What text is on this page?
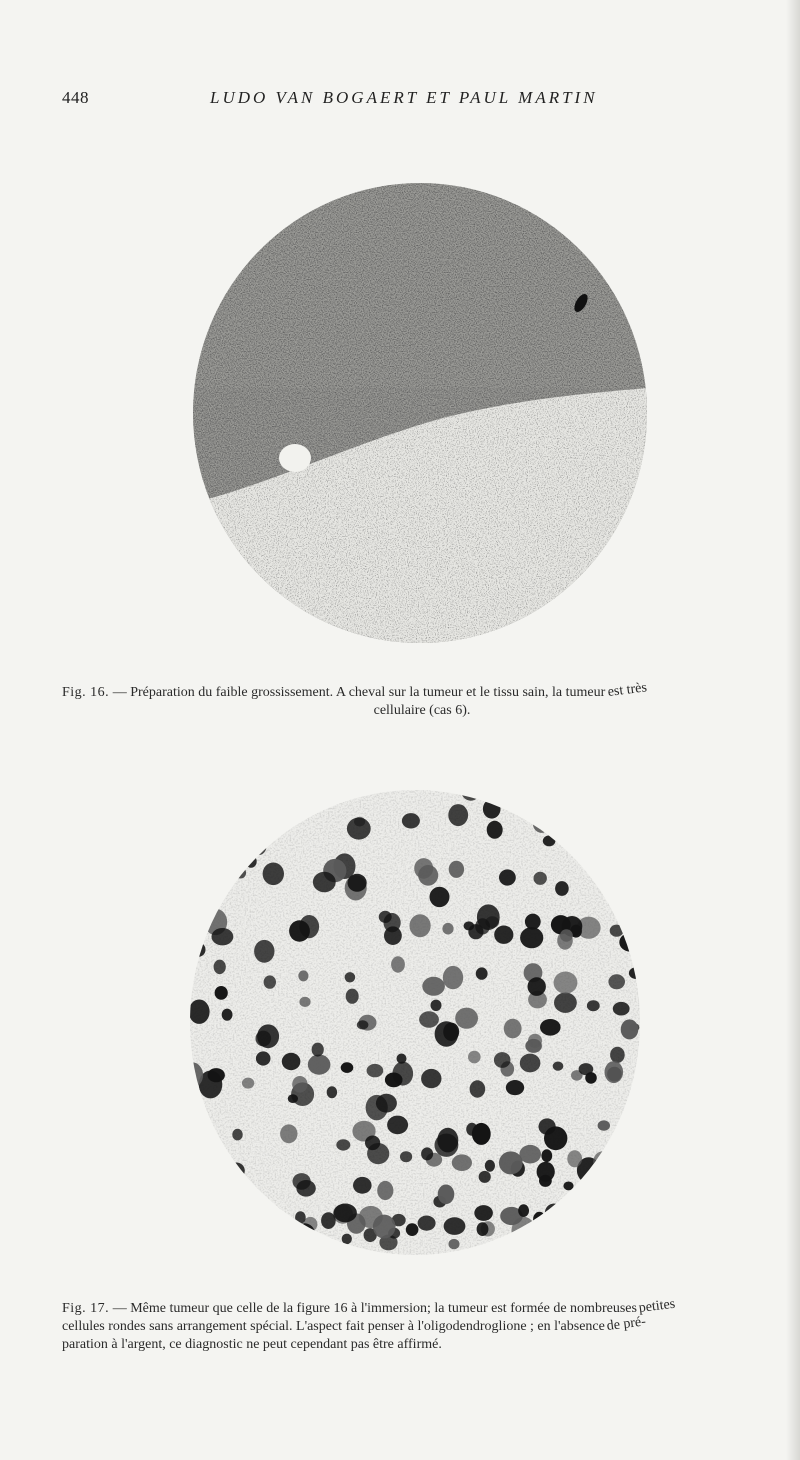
448	LUDO VAN BOGAERT ET PAUL MARTIN
Fig. 16. — Préparation du faible grossissement. A cheval sur la tumeur et le tissu sain, la tumeur est très
cellulaire (cas 6).
Fig. 17. — Même tumeur que celle de la figure 16 à l'immersion; la tumeur est formée de nombreuses petites
cellules rondes sans arrangement spécial. L'aspect fait penser à l'oligodendroglione ; en l'absence de pré-
paration à l'argent, ce diagnostic ne peut cependant pas être affirmé.
